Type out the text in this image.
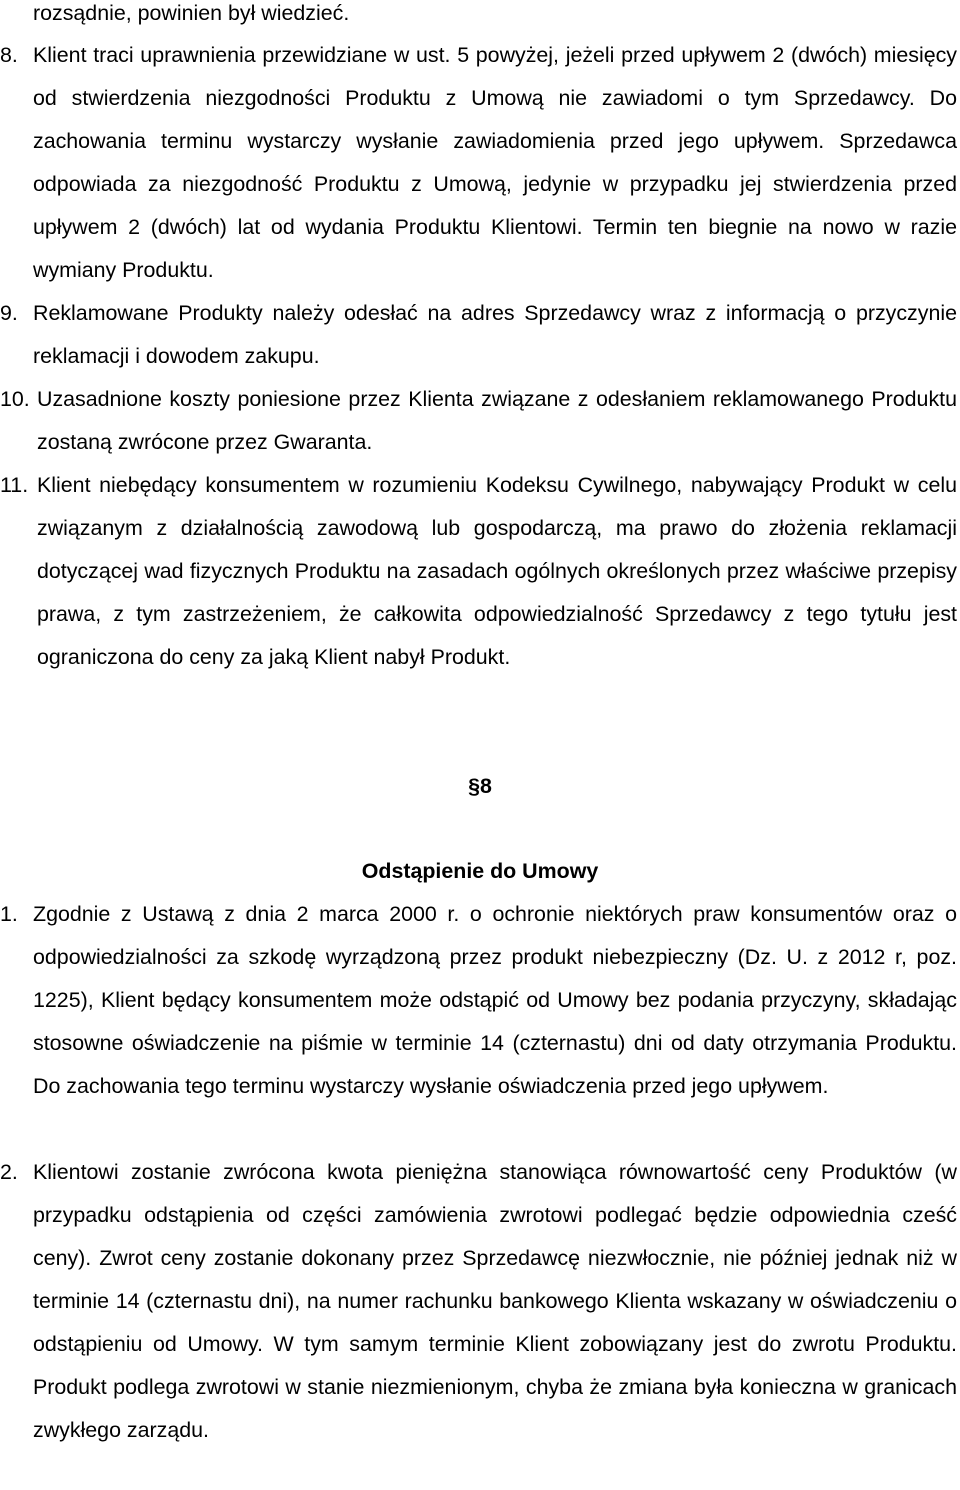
rozsądnie, powinien był wiedzieć.
8. Klient traci uprawnienia przewidziane w ust. 5 powyżej, jeżeli przed upływem 2 (dwóch) miesięcy od stwierdzenia niezgodności Produktu z Umową nie zawiadomi o tym Sprzedawcy. Do zachowania terminu wystarczy wysłanie zawiadomienia przed jego upływem. Sprzedawca odpowiada za niezgodność Produktu z Umową, jedynie w przypadku jej stwierdzenia przed upływem 2 (dwóch) lat od wydania Produktu Klientowi. Termin ten biegnie na nowo w razie wymiany Produktu.
9. Reklamowane Produkty należy odesłać na adres Sprzedawcy wraz z informacją o przyczynie reklamacji i dowodem zakupu.
10. Uzasadnione koszty poniesione przez Klienta związane z odesłaniem reklamowanego Produktu zostaną zwrócone przez Gwaranta.
11. Klient niebędący konsumentem w rozumieniu Kodeksu Cywilnego, nabywający Produkt w celu związanym z działalnością zawodową lub gospodarczą, ma prawo do złożenia reklamacji dotyczącej wad fizycznych Produktu na zasadach ogólnych określonych przez właściwe przepisy prawa, z tym zastrzeżeniem, że całkowita odpowiedzialność Sprzedawcy z tego tytułu jest ograniczona do ceny za jaką Klient nabył Produkt.
§8
Odstąpienie do Umowy
1. Zgodnie z Ustawą z dnia 2 marca 2000 r. o ochronie niektórych praw konsumentów oraz o odpowiedzialności za szkodę wyrządzoną przez produkt niebezpieczny (Dz. U. z 2012 r, poz. 1225), Klient będący konsumentem może odstąpić od Umowy bez podania przyczyny, składając stosowne oświadczenie na piśmie w terminie 14 (czternastu) dni od daty otrzymania Produktu. Do zachowania tego terminu wystarczy wysłanie oświadczenia przed jego upływem.
2. Klientowi zostanie zwrócona kwota pieniężna stanowiąca równowartość ceny Produktów (w przypadku odstąpienia od części zamówienia zwrotowi podlegać będzie odpowiednia cześć ceny). Zwrot ceny zostanie dokonany przez Sprzedawcę niezwłocznie, nie później jednak niż w terminie 14 (czternastu dni), na numer rachunku bankowego Klienta wskazany w oświadczeniu o odstąpieniu od Umowy. W tym samym terminie Klient zobowiązany jest do zwrotu Produktu. Produkt podlega zwrotowi w stanie niezmienionym, chyba że zmiana była konieczna w granicach zwykłego zarządu.
